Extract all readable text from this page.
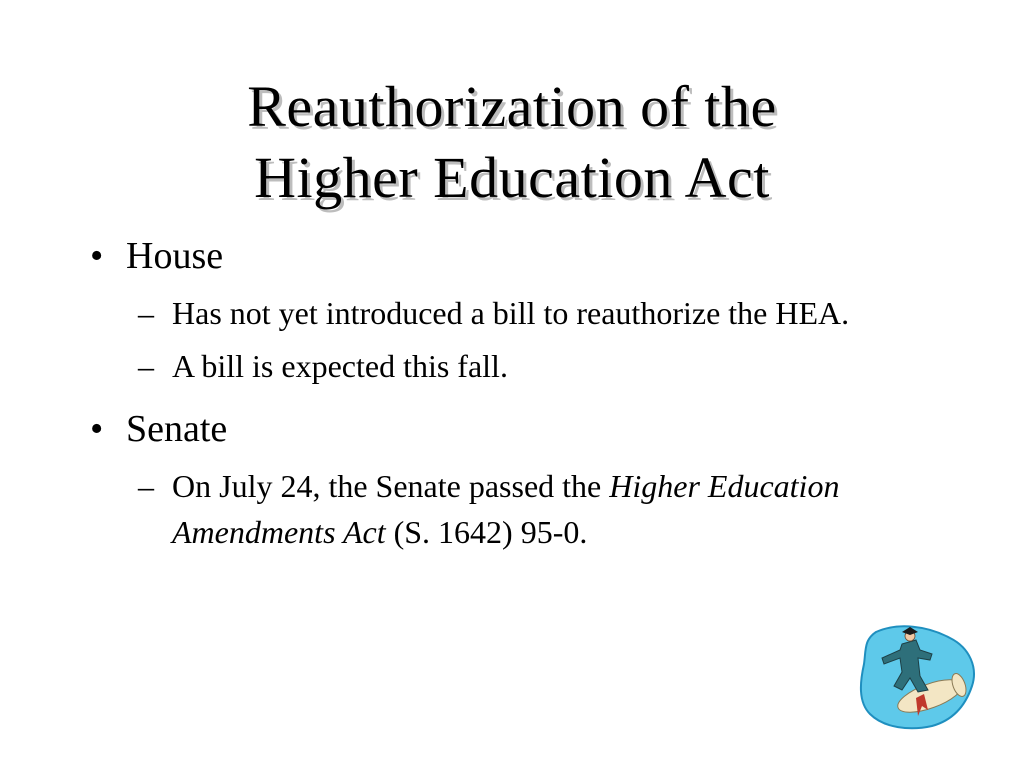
Reauthorization of the
Higher Education Act
• House
– Has not yet introduced a bill to reauthorize the HEA.
– A bill is expected this fall.
• Senate
– On July 24, the Senate passed the Higher Education Amendments Act (S. 1642) 95-0.
